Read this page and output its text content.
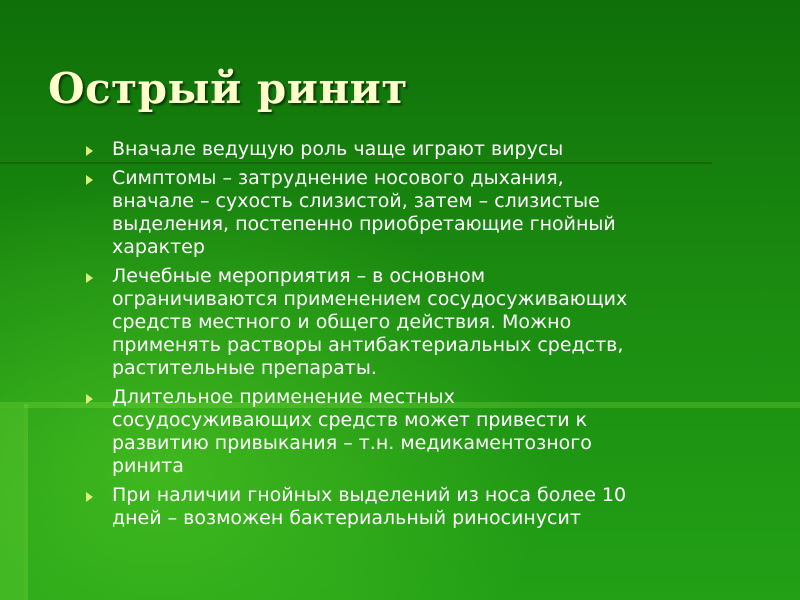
Острый ринит
Вначале ведущую роль чаще играют вирусы
Симптомы – затруднение носового дыхания,
вначале – сухость слизистой, затем – слизистые
выделения, постепенно приобретающие гнойный
характер
Лечебные мероприятия – в основном
ограничиваются применением сосудосуживающих
средств местного и общего действия. Можно
применять растворы антибактериальных средств,
растительные препараты.
Длительное применение местных
сосудосуживающих средств может привести к
развитию привыкания – т.н. медикаментозного
ринита
При наличии гнойных выделений из носа более 10
дней – возможен бактериальный риносинусит
